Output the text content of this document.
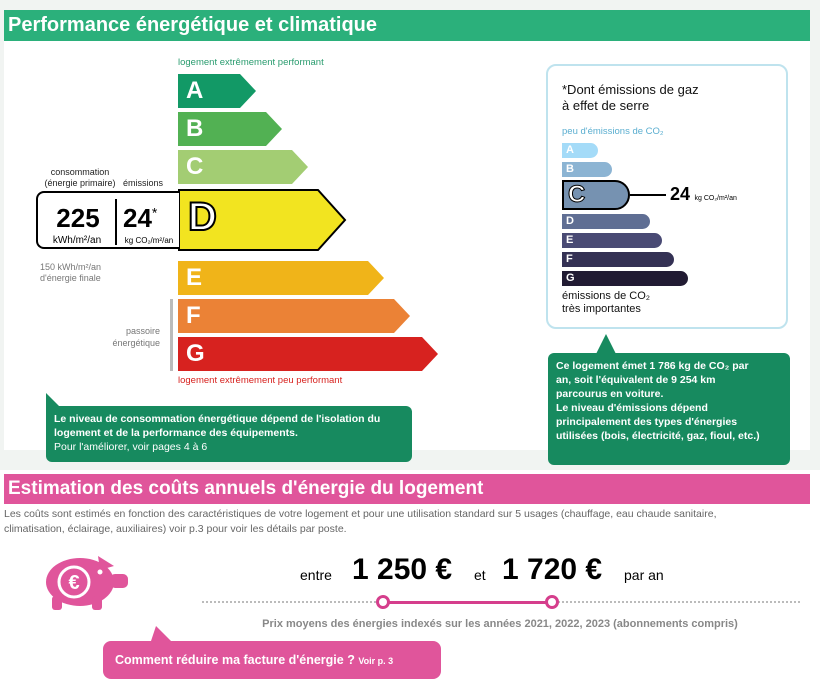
Performance énergétique et climatique
logement extrêmement performant
A
B
C
D
E
F
G
logement extrêmement peu performant
passoire
énergétique
consommation
(énergie primaire) émissions
225
kWh/m²/an
24*
kg CO₂/m²/an
150 kWh/m²/an
d'énergie finale
*Dont émissions de gaz
à effet de serre
peu d'émissions de CO₂
A
B
C	24 kg CO₂/m²/an
D
E
F
G
émissions de CO₂
très importantes
Ce logement émet 1 786 kg de CO₂ par
an, soit l'équivalent de 9 254 km
parcourus en voiture.
Le niveau d'émissions dépend
principalement des types d'énergies
utilisées (bois, électricité, gaz, fioul, etc.)
Le niveau de consommation énergétique dépend de l'isolation du
logement et de la performance des équipements.
Pour l'améliorer, voir pages 4 à 6
Estimation des coûts annuels d'énergie du logement
Les coûts sont estimés en fonction des caractéristiques de votre logement et pour une utilisation standard sur 5 usages (chauffage, eau chaude sanitaire,
climatisation, éclairage, auxiliaires) voir p.3 pour voir les détails par poste.
€	entre 1 250 € et 1 720 € par an
Prix moyens des énergies indexés sur les années 2021, 2022, 2023 (abonnements compris)
Comment réduire ma facture d'énergie ? Voir p. 3
